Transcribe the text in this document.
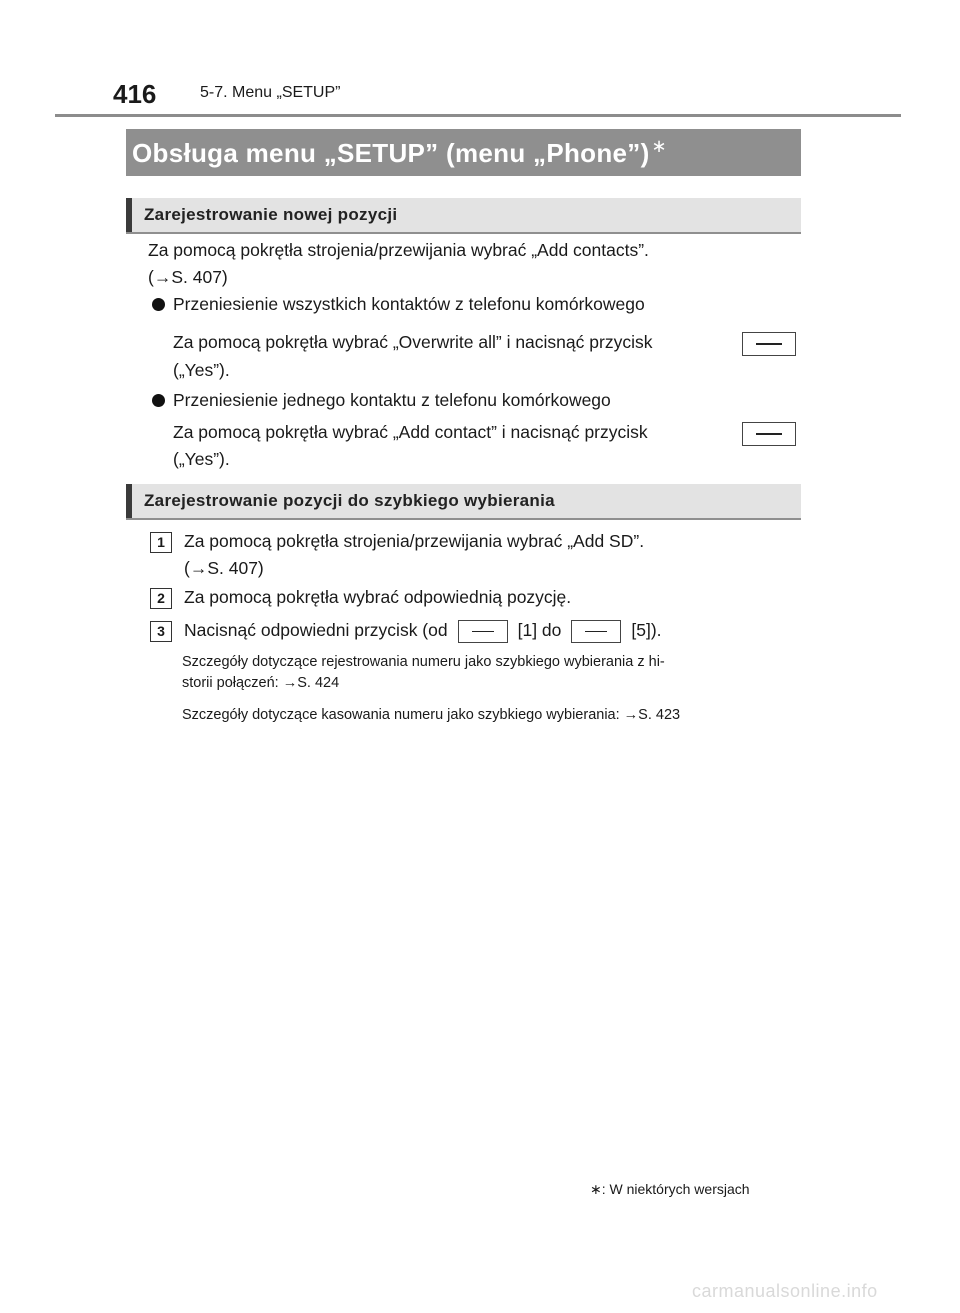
416	5-7. Menu „SETUP”
Obsługa menu „SETUP” (menu „Phone”) ∗
Zarejestrowanie nowej pozycji
Za pomocą pokrętła strojenia/przewijania wybrać „Add contacts”.
(→S. 407)
Przeniesienie wszystkich kontaktów z telefonu komórkowego
Za pomocą pokrętła wybrać „Overwrite all” i nacisnąć przycisk
(„Yes”).
Przeniesienie jednego kontaktu z telefonu komórkowego
Za pomocą pokrętła wybrać „Add contact” i nacisnąć przycisk
(„Yes”).
Zarejestrowanie pozycji do szybkiego wybierania
1	Za pomocą pokrętła strojenia/przewijania wybrać „Add SD”.
(→S. 407)
2	Za pomocą pokrętła wybrać odpowiednią pozycję.
3	Nacisnąć odpowiedni przycisk (od	[1] do	[5]).
Szczegóły dotyczące rejestrowania numeru jako szybkiego wybierania z hi-
storii połączeń: →S. 424
Szczegóły dotyczące kasowania numeru jako szybkiego wybierania: →S. 423
∗: W niektórych wersjach
carmanualsonline.info
